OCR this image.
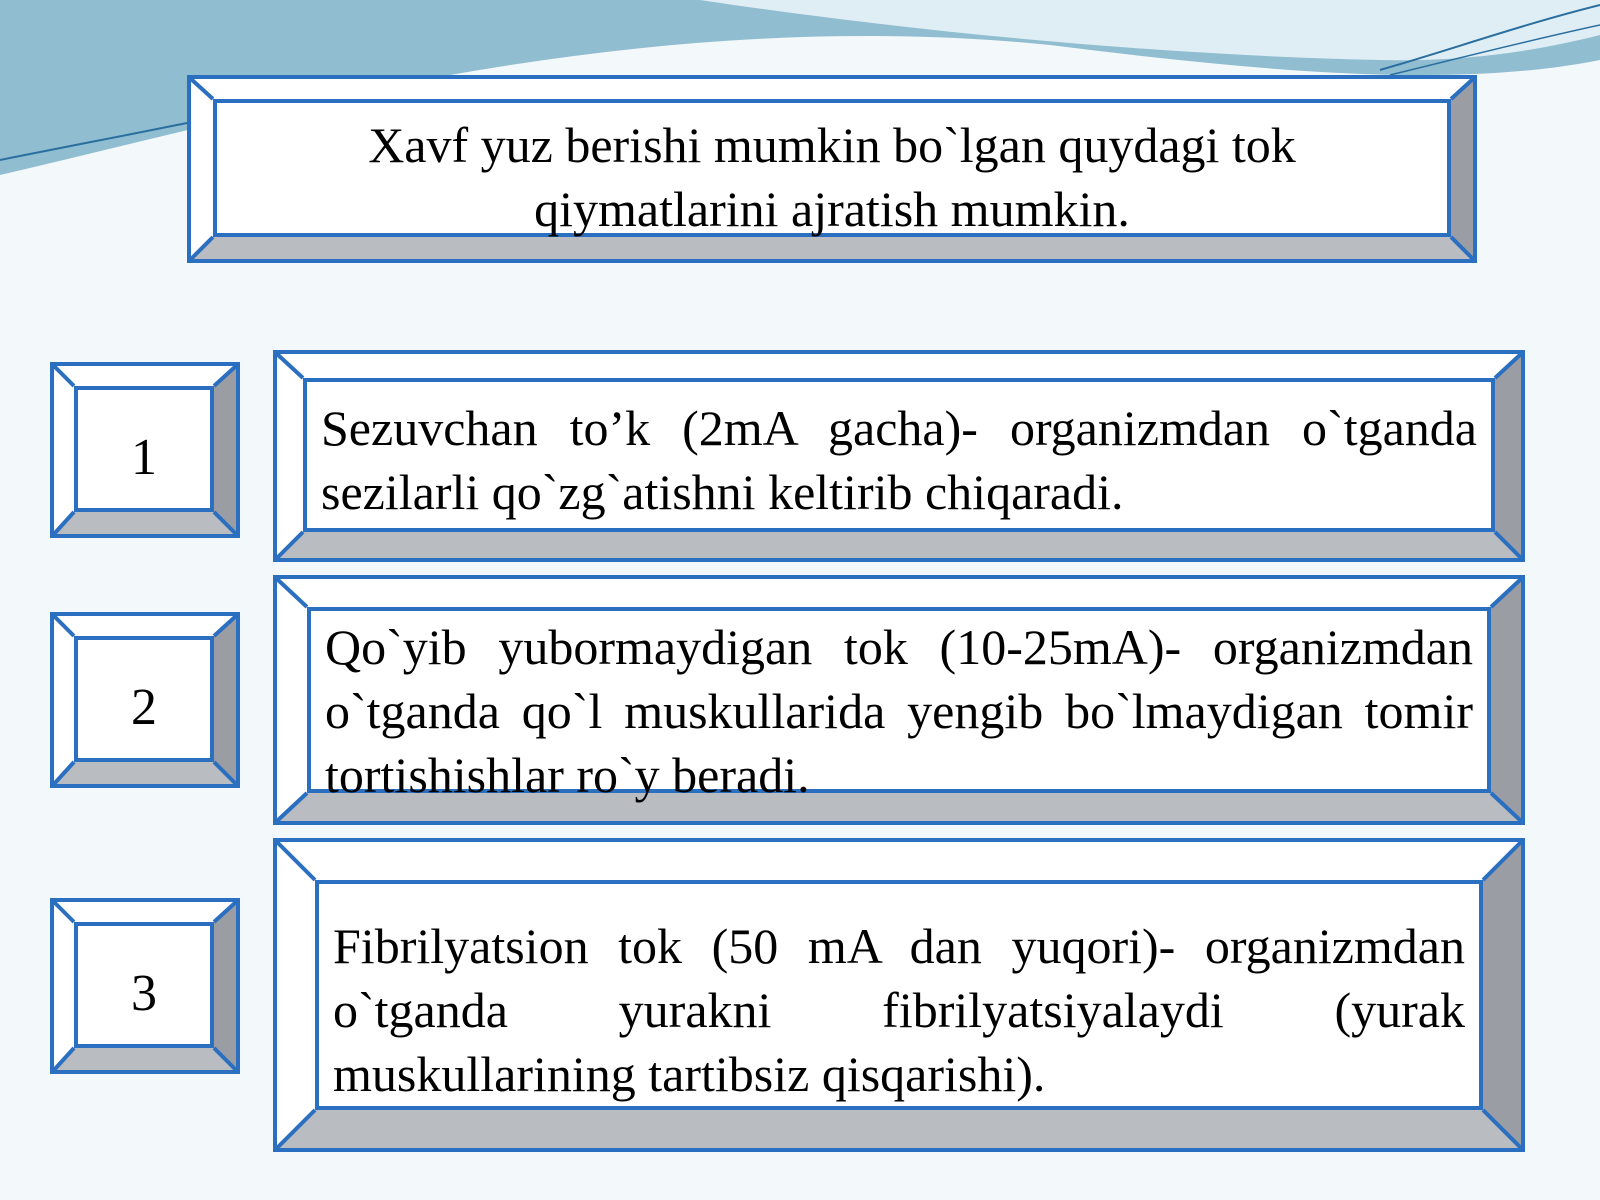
Xavf yuz berishi mumkin bo`lgan quydagi tok qiymatlarini ajratish mumkin.
1
2
3
Sezuvchan to’k (2mA gacha)- organizmdan o`tganda sezilarli qo`zg`atishni keltirib chiqaradi.
Qo`yib yubormaydigan tok (10-25mA)- organizmdan o`tganda qo`l muskullarida yengib bo`lmaydigan tomir tortishishlar ro`y beradi.
Fibrilyatsion tok (50 mA dan yuqori)- organizmdan o`tganda yurakni fibrilyatsiyalaydi (yurak muskullarining tartibsiz qisqarishi).
